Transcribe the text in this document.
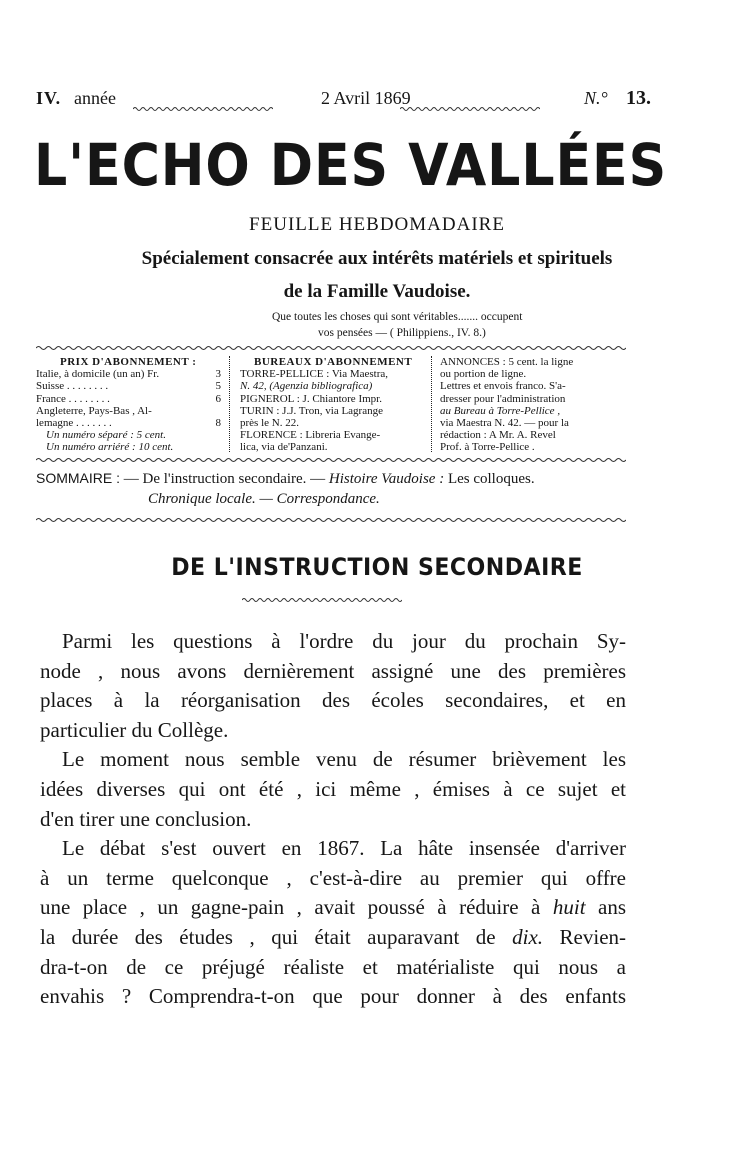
IV. année	2 Avril 1869	N.° 13.
L'ECHO DES VALLÉES
FEUILLE HEBDOMADAIRE
Spécialement consacrée aux intérêts matériels et spirituels
de la Famille Vaudoise.
Que toutes les choses qui sont véritables....... occupent
vos pensées — ( Philippiens., IV. 8.)
PRIX D'ABONNEMENT :
Italie, à domicile (un an) Fr.	3
Suisse . . . . . . . .	5
France . . . . . . . .	6
Angleterre, Pays-Bas , Al-
lemagne . . . . . . .	8
Un numéro séparé : 5 cent.
Un numéro arriéré : 10 cent.
BUREAUX D'ABONNEMENT
TORRE-PELLICE : Via Maestra,
N. 42, (Agenzia bibliografica)
PIGNEROL : J. Chiantore Impr.
TURIN : J.J. Tron, via Lagrange
près le N. 22.
FLORENCE : Libreria Evange-
lica, via de'Panzani.
ANNONCES : 5 cent. la ligne
ou portion de ligne.
Lettres et envois franco. S'a-
dresser pour l'administration
au Bureau à Torre-Pellice ,
via Maestra N. 42. — pour la
rédaction : A Mr. A. Revel
Prof. à Torre-Pellice .
SOMMAIRE : — De l'instruction secondaire. — Histoire Vaudoise : Les colloques.
Chronique locale. — Correspondance.
DE L'INSTRUCTION SECONDAIRE

Parmi les questions à l'ordre du jour du prochain Sy-

node , nous avons dernièrement assigné une des premières

places à la réorganisation des écoles secondaires, et en

particulier du Collège.

Le moment nous semble venu de résumer brièvement les

idées diverses qui ont été , ici même , émises à ce sujet et

d'en tirer une conclusion.

Le débat s'est ouvert en 1867. La hâte insensée d'arriver

à un terme quelconque , c'est-à-dire au premier qui offre

une place , un gagne-pain , avait poussé à réduire à huit ans

la durée des études , qui était auparavant de dix. Revien-

dra-t-on de ce préjugé réaliste et matérialiste qui nous a

envahis ? Comprendra-t-on que pour donner à des enfants
